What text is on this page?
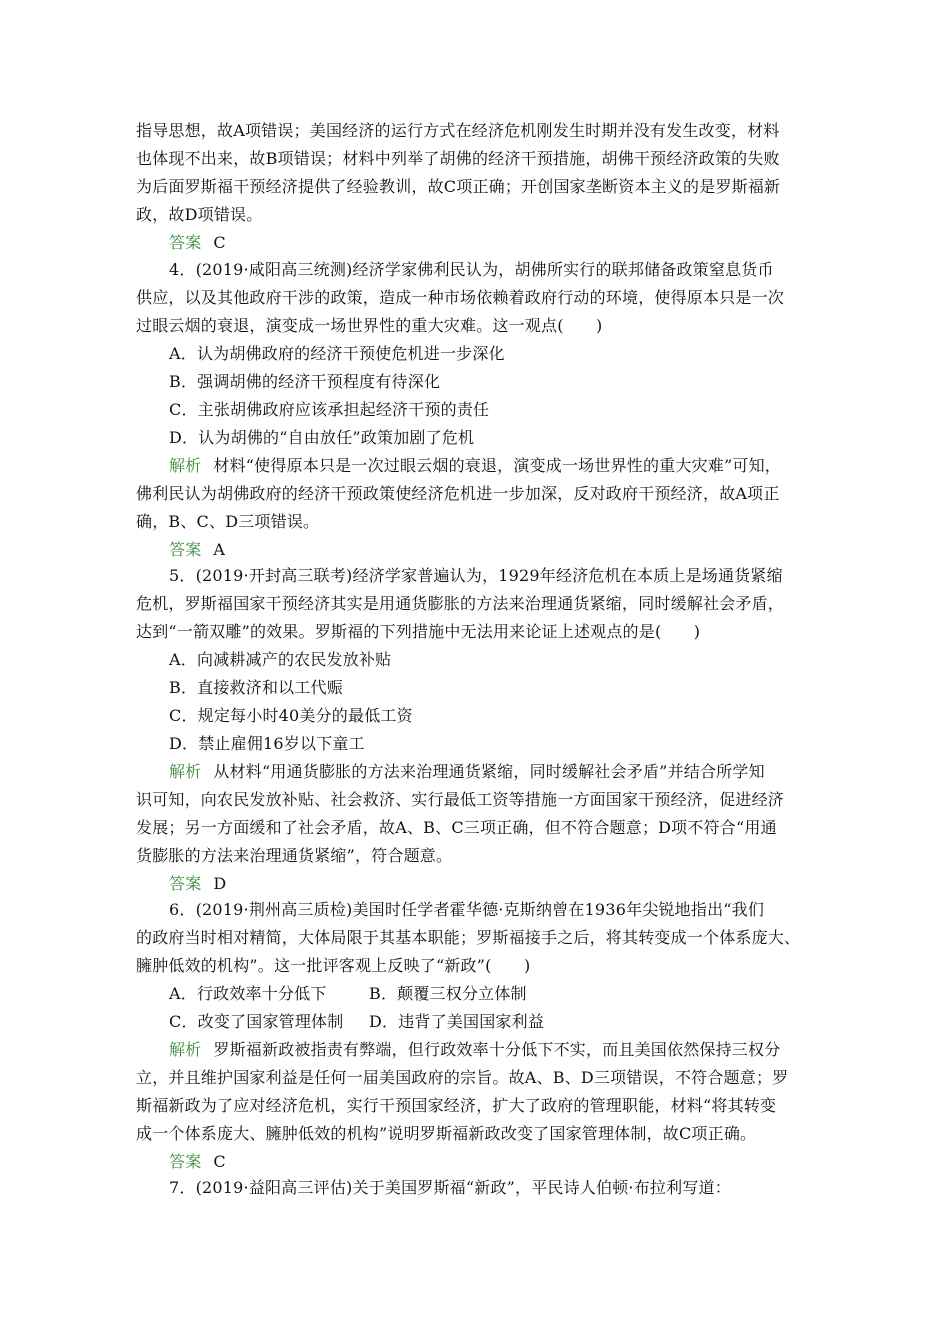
指导思想，故A项错误；美国经济的运行方式在经济危机刚发生时期并没有发生改变，材料
也体现不出来，故B项错误；材料中列举了胡佛的经济干预措施，胡佛干预经济政策的失败
为后面罗斯福干预经济提供了经验教训，故C项正确；开创国家垄断资本主义的是罗斯福新
政，故D项错误。
答案 C
4．(2019·咸阳高三统测)经济学家佛利民认为，胡佛所实行的联邦储备政策窒息货币
供应，以及其他政府干涉的政策，造成一种市场依赖着政府行动的环境，使得原本只是一次
过眼云烟的衰退，演变成一场世界性的重大灾难。这一观点(　　)
A．认为胡佛政府的经济干预使危机进一步深化
B．强调胡佛的经济干预程度有待深化
C．主张胡佛政府应该承担起经济干预的责任
D．认为胡佛的“自由放任”政策加剧了危机
解析 材料“使得原本只是一次过眼云烟的衰退，演变成一场世界性的重大灾难”可知，
佛利民认为胡佛政府的经济干预政策使经济危机进一步加深，反对政府干预经济，故A项正
确，B、C、D三项错误。
答案 A
5．(2019·开封高三联考)经济学家普遍认为，1929年经济危机在本质上是场通货紧缩
危机，罗斯福国家干预经济其实是用通货膨胀的方法来治理通货紧缩，同时缓解社会矛盾，
达到“一箭双雕”的效果。罗斯福的下列措施中无法用来论证上述观点的是(　　)
A．向减耕减产的农民发放补贴
B．直接救济和以工代赈
C．规定每小时40美分的最低工资
D．禁止雇佣16岁以下童工
解析 从材料“用通货膨胀的方法来治理通货紧缩，同时缓解社会矛盾”并结合所学知
识可知，向农民发放补贴、社会救济、实行最低工资等措施一方面国家干预经济，促进经济
发展；另一方面缓和了社会矛盾，故A、B、C三项正确，但不符合题意；D项不符合“用通
货膨胀的方法来治理通货紧缩”，符合题意。
答案 D
6．(2019·荆州高三质检)美国时任学者霍华德·克斯纳曾在1936年尖锐地指出“我们
的政府当时相对精简，大体局限于其基本职能；罗斯福接手之后，将其转变成一个体系庞大、
臃肿低效的机构”。这一批评客观上反映了“新政”(　　)
A．行政效率十分低下	B．颠覆三权分立体制
C．改变了国家管理体制 D．违背了美国国家利益
解析 罗斯福新政被指责有弊端，但行政效率十分低下不实，而且美国依然保持三权分
立，并且维护国家利益是任何一届美国政府的宗旨。故A、B、D三项错误，不符合题意；罗
斯福新政为了应对经济危机，实行干预国家经济，扩大了政府的管理职能，材料“将其转变
成一个体系庞大、臃肿低效的机构”说明罗斯福新政改变了国家管理体制，故C项正确。
答案 C
7．(2019·益阳高三评估)关于美国罗斯福“新政”，平民诗人伯顿·布拉利写道：
